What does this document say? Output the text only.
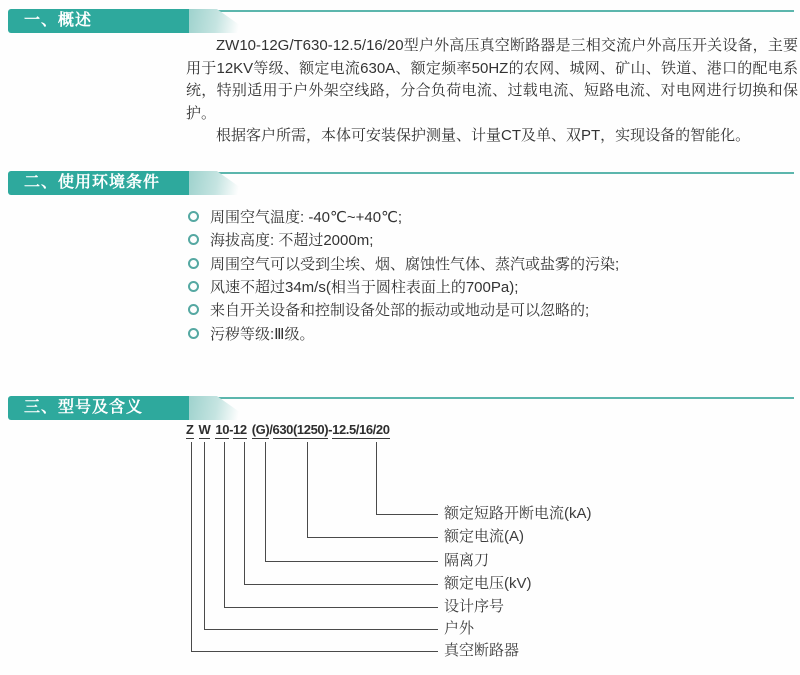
一、概述

ZW10-12G/T630-12.5/16/20型户外高压真空断路器是三相交流户外高压开关设备，主要用于12KV等级、额定电流630A、额定频率50HZ的农网、城网、矿山、铁道、港口的配电系统，特别适用于户外架空线路，分合负荷电流、过载电流、短路电流、对电网进行切换和保护。

根据客户所需，本体可安装保护测量、计量CT及单、双PT，实现设备的智能化。

二、使用环境条件
周围空气温度: -40℃~+40℃;
海拔高度: 不超过2000m;
周围空气可以受到尘埃、烟、腐蚀性气体、蒸汽或盐雾的污染;
风速不超过34m/s(相当于圆柱表面上的700Pa);
来自开关设备和控制设备处部的振动或地动是可以忽略的;
污秽等级:Ⅲ级。
三、型号及含义
Z W 10 - 12 (G) / 630(1250) - 12.5/16/20
额定短路开断电流(kA)
额定电流(A)
隔离刀
额定电压(kV)
设计序号
户外
真空断路器
